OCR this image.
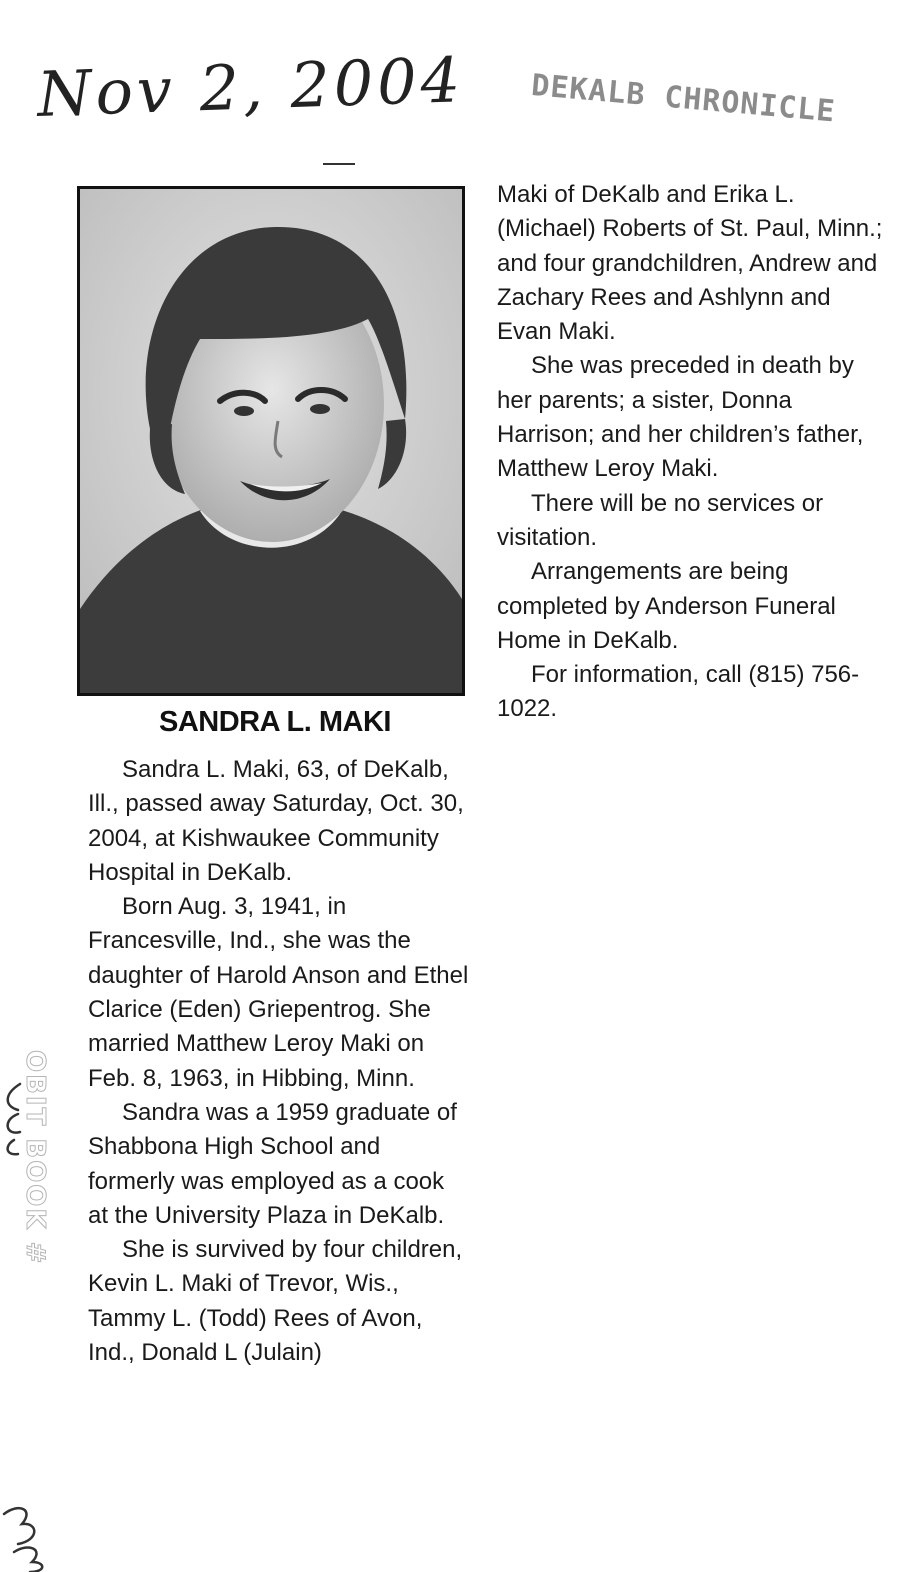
Nov 2, 2004	DEKALB CHRONICLE
SANDRA L. MAKI

Sandra L. Maki, 63, of DeKalb, Ill., passed away Saturday, Oct. 30, 2004, at Kishwaukee Community Hospital in DeKalb.

Born Aug. 3, 1941, in Francesville, Ind., she was the daughter of Harold Anson and Ethel Clarice (Eden) Griepentrog. She married Matthew Leroy Maki on Feb. 8, 1963, in Hibbing, Minn.

Sandra was a 1959 graduate of Shabbona High School and formerly was employed as a cook at the University Plaza in DeKalb.

She is survived by four children, Kevin L. Maki of Trevor, Wis., Tammy L. (Todd) Rees of Avon, Ind., Donald L (Julain)

Maki of DeKalb and Erika L. (Michael) Roberts of St. Paul, Minn.; and four grandchildren, Andrew and Zachary Rees and Ashlynn and Evan Maki.

She was preceded in death by her parents; a sister, Donna Harrison; and her children’s father, Matthew Leroy Maki.

There will be no services or visitation.

Arrangements are being completed by Anderson Funeral Home in DeKalb.

For information, call (815) 756-1022.

OBIT BOOK #
